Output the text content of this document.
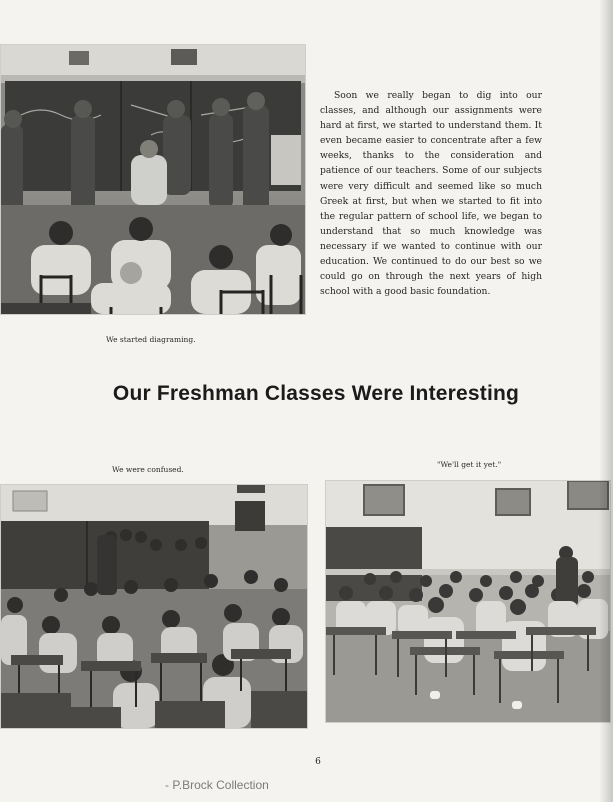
Soon we really began to dig into our classes, and although our assignments were hard at first, we started to understand them. It even became easier to concentrate after a few weeks, thanks to the consideration and patience of our teachers. Some of our subjects were very difficult and seemed like so much Greek at first, but when we started to fit into the regular pattern of school life, we began to understand that so much knowledge was necessary if we wanted to continue with our education. We continued to do our best so we could go on through the next years of high school with a good basic foundation.

We started diagraming.
Our Freshman Classes Were Interesting
We were confused.
"We'll get it yet."
6
- P.Brock Collection
